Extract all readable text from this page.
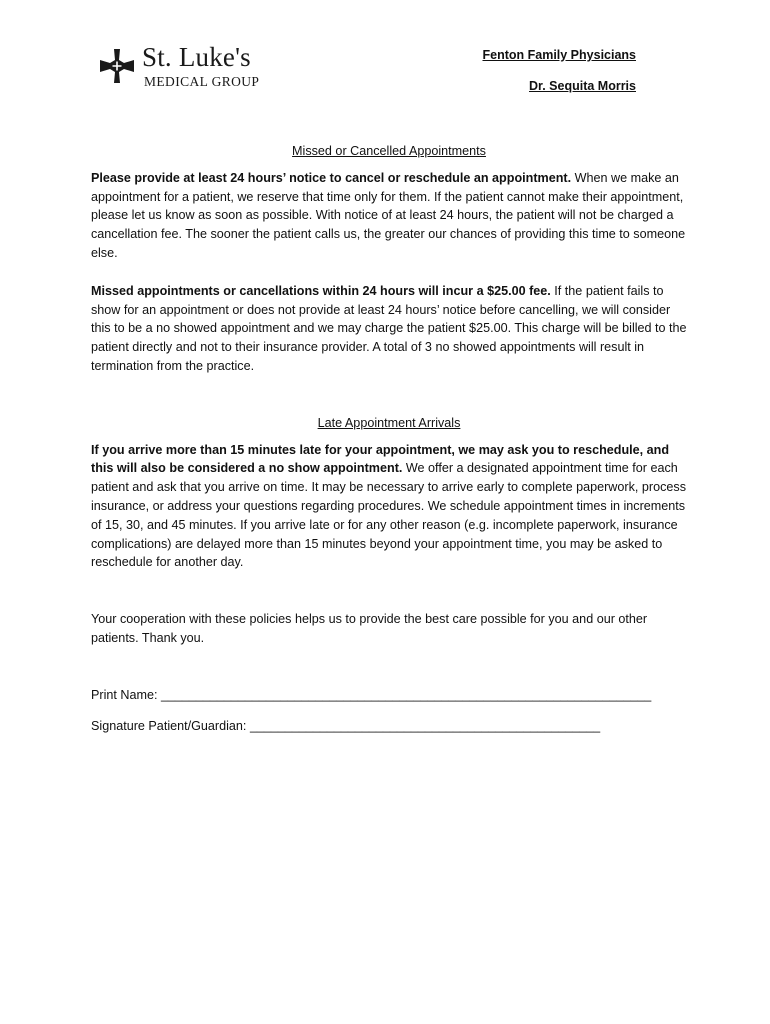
St. Luke's
MEDICAL GROUP
Fenton Family Physicians
Dr. Sequita Morris
Missed or Cancelled Appointments

Please provide at least 24 hours’ notice to cancel or reschedule an appointment. When we make an appointment for a patient, we reserve that time only for them. If the patient cannot make their appointment, please let us know as soon as possible. With notice of at least 24 hours, the patient will not be charged a cancellation fee. The sooner the patient calls us, the greater our chances of providing this time to someone else.

Missed appointments or cancellations within 24 hours will incur a $25.00 fee. If the patient fails to show for an appointment or does not provide at least 24 hours’ notice before cancelling, we will consider this to be a no showed appointment and we may charge the patient $25.00. This charge will be billed to the patient directly and not to their insurance provider. A total of 3 no showed appointments will result in termination from the practice.

Late Appointment Arrivals

If you arrive more than 15 minutes late for your appointment, we may ask you to reschedule, and this will also be considered a no show appointment. We offer a designated appointment time for each patient and ask that you arrive on time. It may be necessary to arrive early to complete paperwork, process insurance, or address your questions regarding procedures. We schedule appointment times in increments of 15, 30, and 45 minutes. If you arrive late or for any other reason (e.g. incomplete paperwork, insurance complications) are delayed more than 15 minutes beyond your appointment time, you may be asked to reschedule for another day.

Your cooperation with these policies helps us to provide the best care possible for you and our other patients. Thank you.

Print Name: ______________________________________________________________________

Signature Patient/Guardian: __________________________________________________
